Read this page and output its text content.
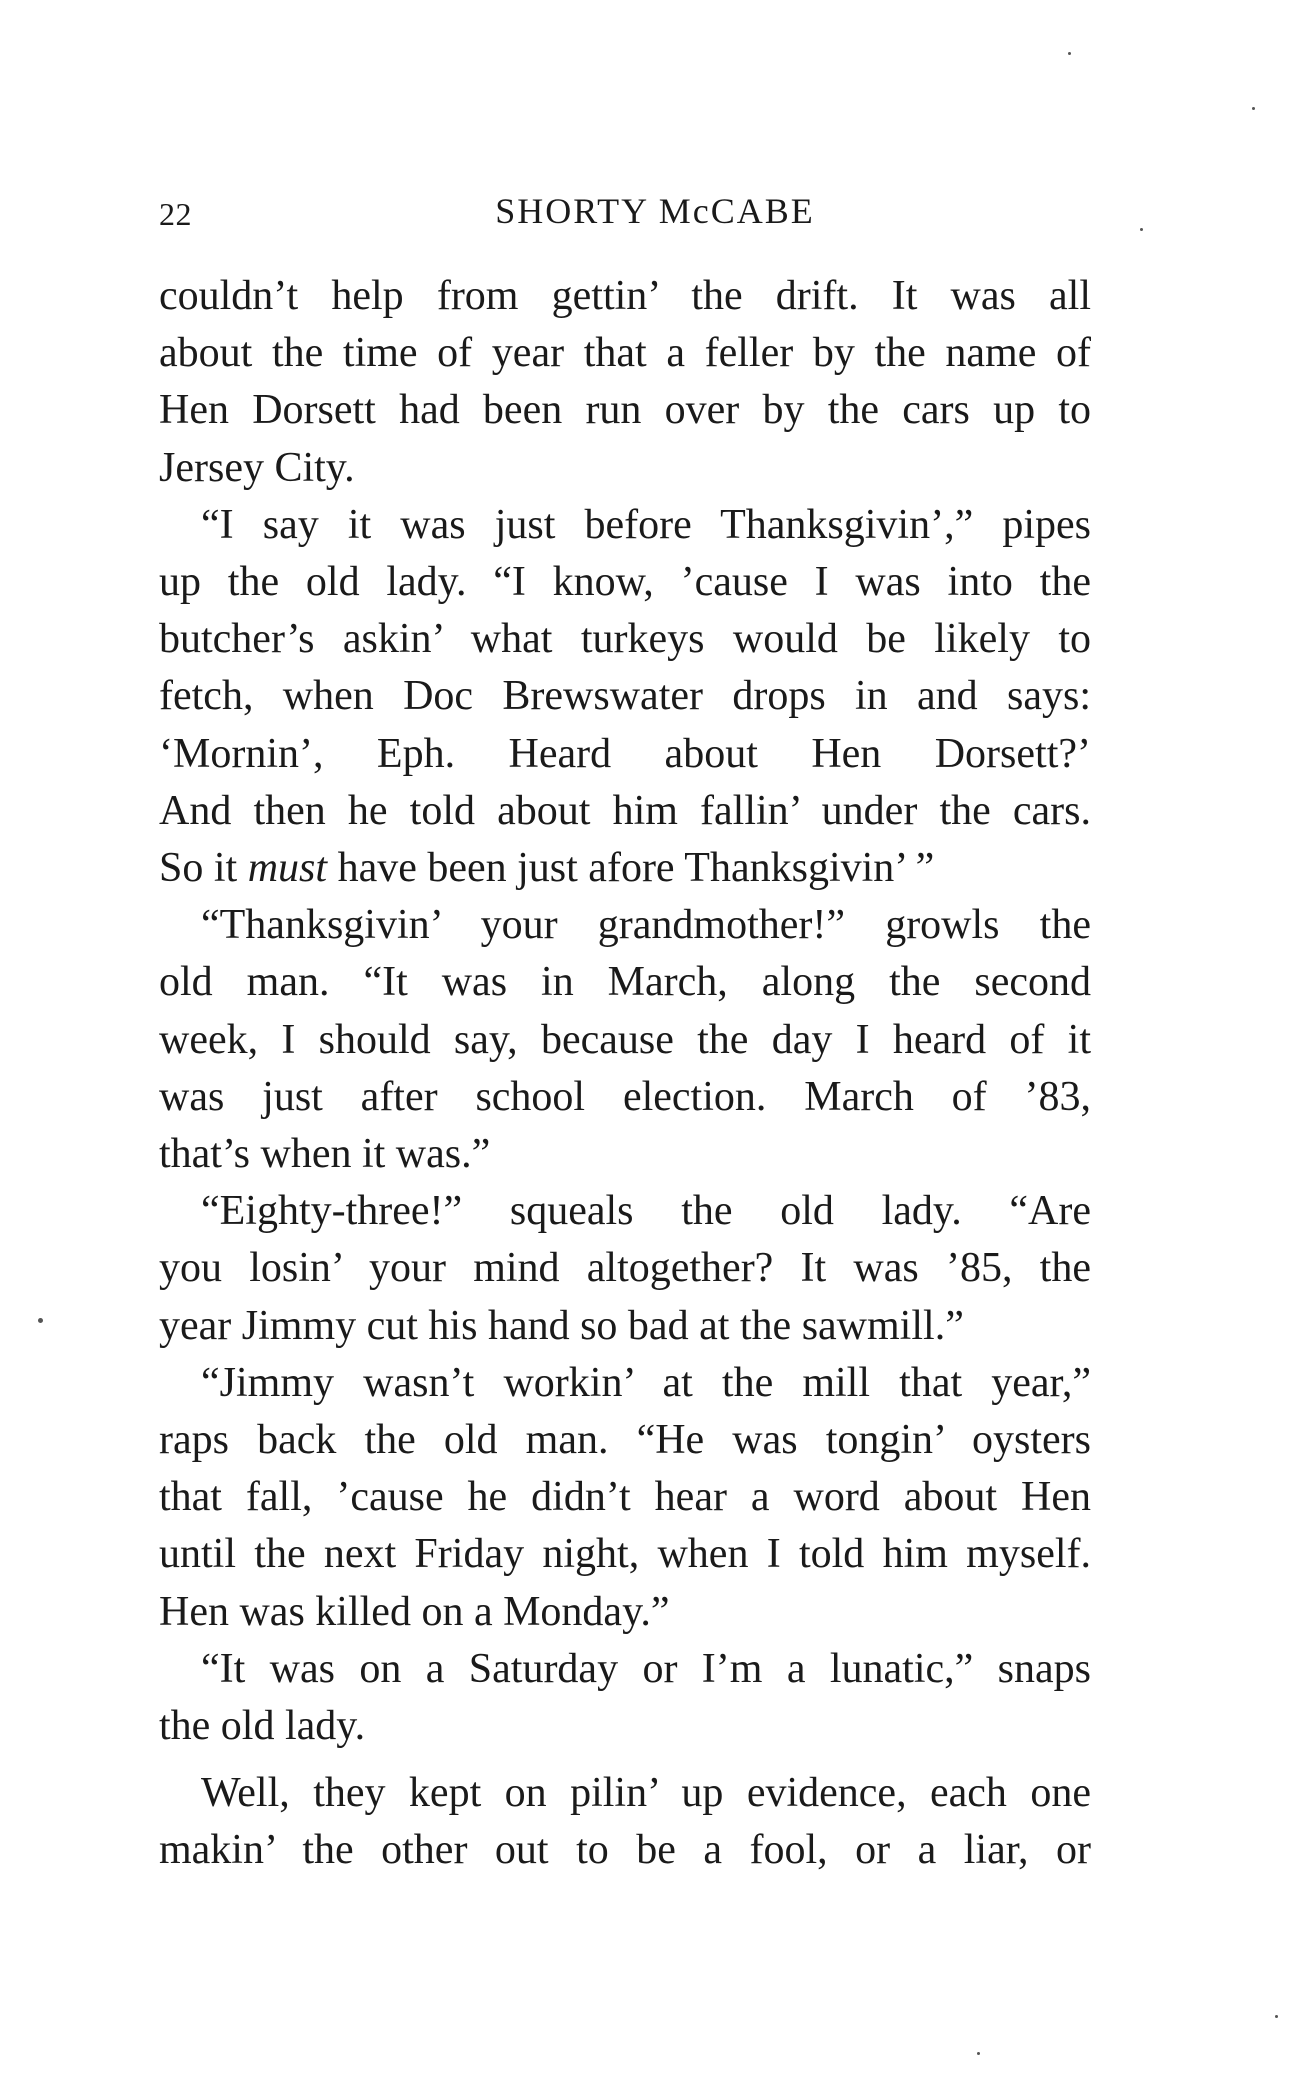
22	SHORTY McCABE
couldn’t help from gettin’ the drift. It was all
about the time of year that a feller by the name of
Hen Dorsett had been run over by the cars up to
Jersey City.
“I say it was just before Thanksgivin’,” pipes
up the old lady. “I know, ’cause I was into the
butcher’s askin’ what turkeys would be likely to
fetch, when Doc Brewswater drops in and says:
‘Mornin’, Eph. Heard about Hen Dorsett?’
And then he told about him fallin’ under the cars.
So it must have been just afore Thanksgivin’ ”
“Thanksgivin’ your grandmother!” growls the
old man. “It was in March, along the second
week, I should say, because the day I heard of it
was just after school election. March of ’83,
that’s when it was.”
“Eighty-three!” squeals the old lady. “Are
you losin’ your mind altogether? It was ’85, the
year Jimmy cut his hand so bad at the sawmill.”
“Jimmy wasn’t workin’ at the mill that year,”
raps back the old man. “He was tongin’ oysters
that fall, ’cause he didn’t hear a word about Hen
until the next Friday night, when I told him myself.
Hen was killed on a Monday.”
“It was on a Saturday or I’m a lunatic,” snaps
the old lady.
Well, they kept on pilin’ up evidence, each one
makin’ the other out to be a fool, or a liar, or
